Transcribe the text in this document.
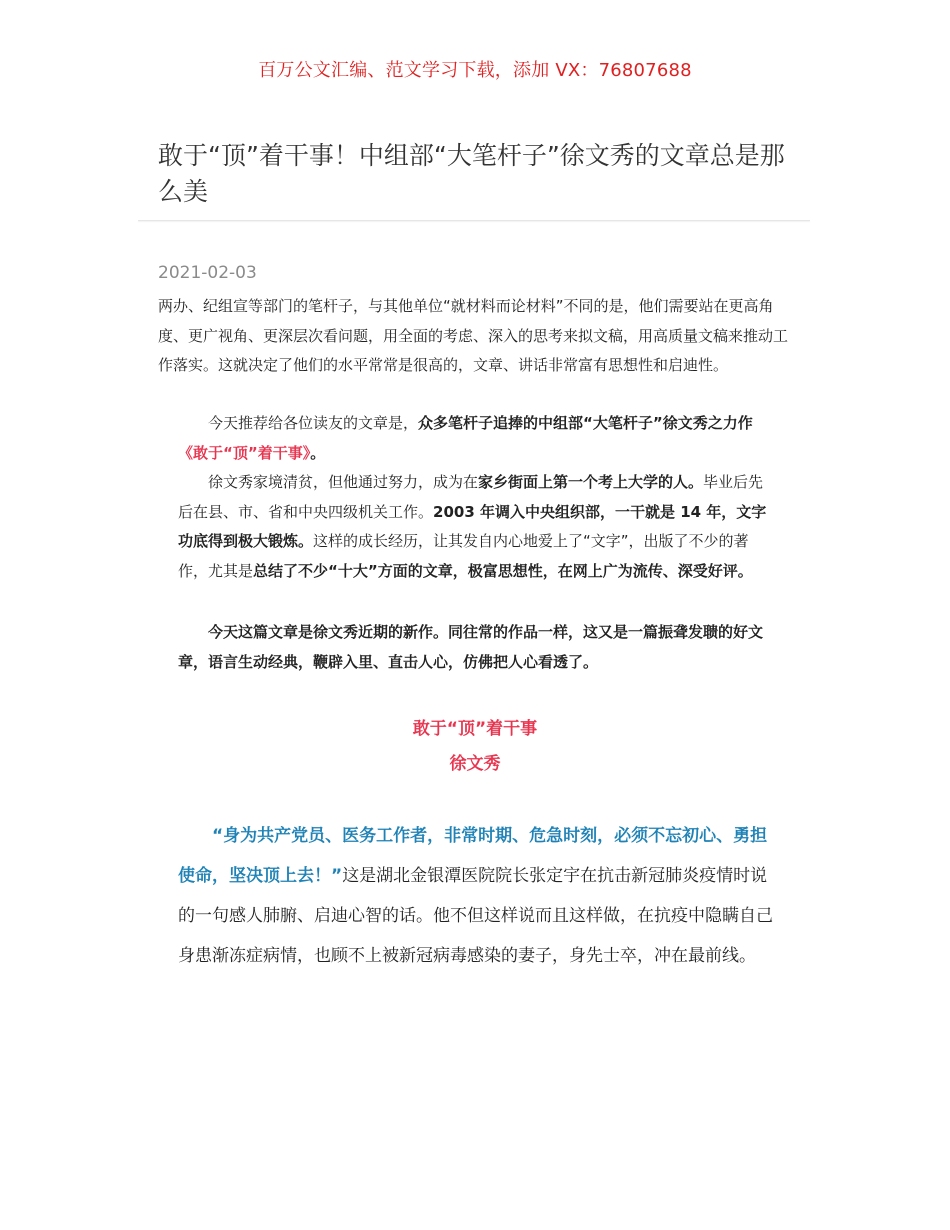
百万公文汇编、范文学习下载，添加 VX：76807688
敢于“顶”着干事！中组部“大笔杆子”徐文秀的文章总是那么美
2021-02-03

两办、纪组宣等部门的笔杆子，与其他单位“就材料而论材料”不同的是，他们需要站在更高角度、更广视角、更深层次看问题，用全面的考虑、深入的思考来拟文稿，用高质量文稿来推动工作落实。这就决定了他们的水平常常是很高的，文章、讲话非常富有思想性和启迪性。

今天推荐给各位读友的文章是，众多笔杆子追捧的中组部“大笔杆子”徐文秀之力作《敢于“顶”着干事》。

徐文秀家境清贫，但他通过努力，成为在家乡街面上第一个考上大学的人。毕业后先后在县、市、省和中央四级机关工作。2003 年调入中央组织部，一干就是 14 年，文字功底得到极大锻炼。这样的成长经历，让其发自内心地爱上了“文字”，出版了不少的著作，尤其是总结了不少“十大”方面的文章，极富思想性，在网上广为流传、深受好评。

今天这篇文章是徐文秀近期的新作。同往常的作品一样，这又是一篇振聋发聩的好文章，语言生动经典，鞭辟入里、直击人心，仿佛把人心看透了。

敢于“顶”着干事
徐文秀

“身为共产党员、医务工作者，非常时期、危急时刻，必须不忘初心、勇担使命，坚决顶上去！”这是湖北金银潭医院院长张定宇在抗击新冠肺炎疫情时说的一句感人肺腑、启迪心智的话。他不但这样说而且这样做，在抗疫中隐瞒自己身患渐冻症病情，也顾不上被新冠病毒感染的妻子，身先士卒，冲在最前线。
